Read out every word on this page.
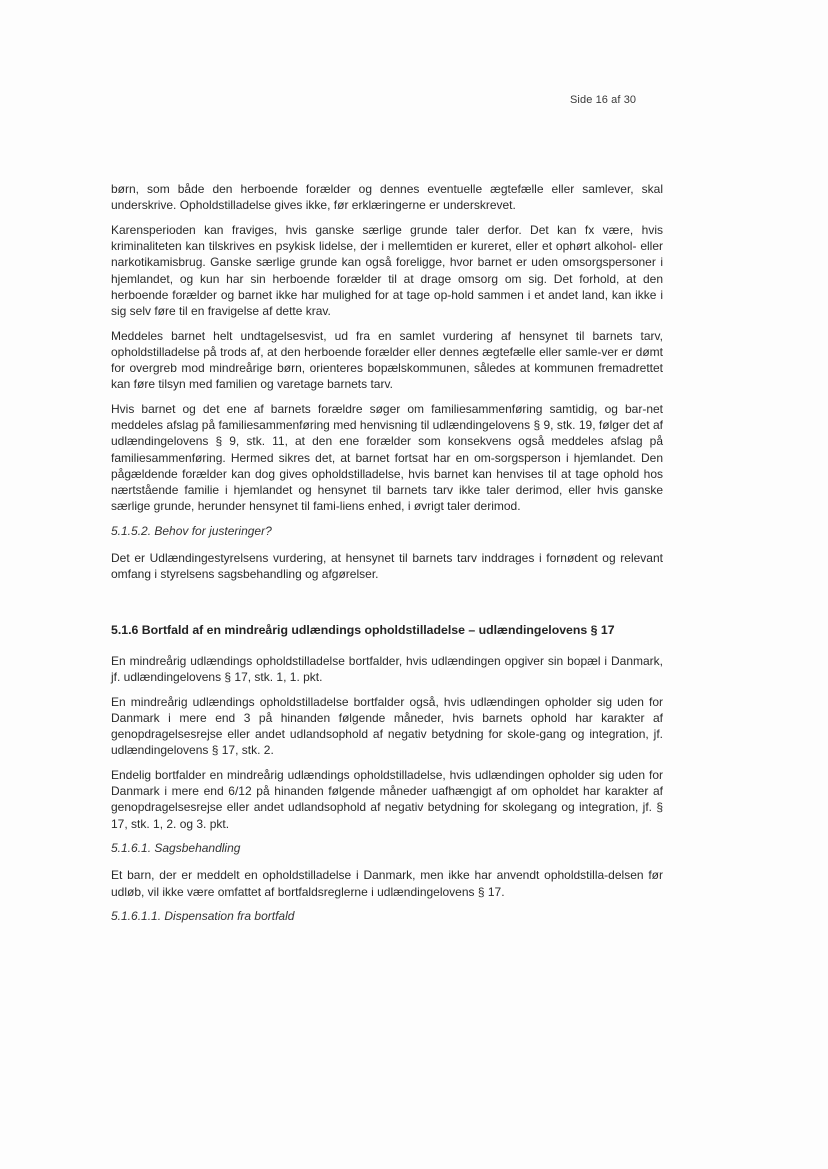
Side 16 af 30

børn, som både den herboende forælder og dennes eventuelle ægtefælle eller samlever, skal underskrive. Opholdstilladelse gives ikke, før erklæringerne er underskrevet.

Karensperioden kan fraviges, hvis ganske særlige grunde taler derfor. Det kan fx være, hvis kriminaliteten kan tilskrives en psykisk lidelse, der i mellemtiden er kureret, eller et ophørt alkohol- eller narkotikamisbrug. Ganske særlige grunde kan også foreligge, hvor barnet er uden omsorgspersoner i hjemlandet, og kun har sin herboende forælder til at drage omsorg om sig. Det forhold, at den herboende forælder og barnet ikke har mulighed for at tage op-hold sammen i et andet land, kan ikke i sig selv føre til en fravigelse af dette krav.

Meddeles barnet helt undtagelsesvist, ud fra en samlet vurdering af hensynet til barnets tarv, opholdstilladelse på trods af, at den herboende forælder eller dennes ægtefælle eller samle-ver er dømt for overgreb mod mindreårige børn, orienteres bopælskommunen, således at kommunen fremadrettet kan føre tilsyn med familien og varetage barnets tarv.

Hvis barnet og det ene af barnets forældre søger om familiesammenføring samtidig, og bar-net meddeles afslag på familiesammenføring med henvisning til udlændingelovens § 9, stk. 19, følger det af udlændingelovens § 9, stk. 11, at den ene forælder som konsekvens også meddeles afslag på familiesammenføring. Hermed sikres det, at barnet fortsat har en om-sorgsperson i hjemlandet. Den pågældende forælder kan dog gives opholdstilladelse, hvis barnet kan henvises til at tage ophold hos nærtstående familie i hjemlandet og hensynet til barnets tarv ikke taler derimod, eller hvis ganske særlige grunde, herunder hensynet til fami-liens enhed, i øvrigt taler derimod.

5.1.5.2. Behov for justeringer?

Det er Udlændingestyrelsens vurdering, at hensynet til barnets tarv inddrages i fornødent og relevant omfang i styrelsens sagsbehandling og afgørelser.

5.1.6 Bortfald af en mindreårig udlændings opholdstilladelse – udlændingelovens § 17

En mindreårig udlændings opholdstilladelse bortfalder, hvis udlændingen opgiver sin bopæl i Danmark, jf. udlændingelovens § 17, stk. 1, 1. pkt.

En mindreårig udlændings opholdstilladelse bortfalder også, hvis udlændingen opholder sig uden for Danmark i mere end 3 på hinanden følgende måneder, hvis barnets ophold har karakter af genopdragelsesrejse eller andet udlandsophold af negativ betydning for skole-gang og integration, jf. udlændingelovens § 17, stk. 2.

Endelig bortfalder en mindreårig udlændings opholdstilladelse, hvis udlændingen opholder sig uden for Danmark i mere end 6/12 på hinanden følgende måneder uafhængigt af om opholdet har karakter af genopdragelsesrejse eller andet udlandsophold af negativ betydning for skolegang og integration, jf. § 17, stk. 1, 2. og 3. pkt.

5.1.6.1. Sagsbehandling

Et barn, der er meddelt en opholdstilladelse i Danmark, men ikke har anvendt opholdstilla-delsen før udløb, vil ikke være omfattet af bortfaldsreglerne i udlændingelovens § 17.

5.1.6.1.1. Dispensation fra bortfald
